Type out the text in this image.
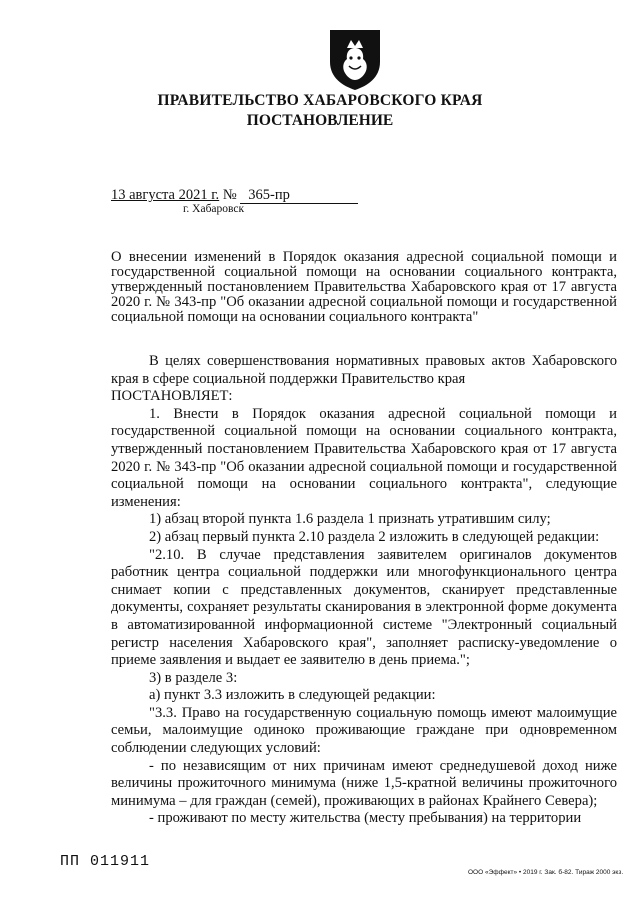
ПРАВИТЕЛЬСТВО ХАБАРОВСКОГО КРАЯ
ПОСТАНОВЛЕНИЕ
13 августа 2021 г. № 365-пр
г. Хабаровск

О внесении изменений в Порядок оказания адресной социальной помощи и государственной социальной помощи на основании социального контракта, утвержденный постановлением Правительства Хабаровского края от 17 августа 2020 г. № 343-пр "Об оказании адресной социальной помощи и государственной социальной помощи на основании социального контракта"

В целях совершенствования нормативных правовых актов Хабаровского края в сфере социальной поддержки Правительство края

ПОСТАНОВЛЯЕТ:

1. Внести в Порядок оказания адресной социальной помощи и государственной социальной помощи на основании социального контракта, утвержденный постановлением Правительства Хабаровского края от 17 августа 2020 г. № 343-пр "Об оказании адресной социальной помощи и государственной социальной помощи на основании социального контракта", следующие изменения:

1) абзац второй пункта 1.6 раздела 1 признать утратившим силу;

2) абзац первый пункта 2.10 раздела 2 изложить в следующей редакции:

"2.10. В случае представления заявителем оригиналов документов работник центра социальной поддержки или многофункционального центра снимает копии с представленных документов, сканирует представленные документы, сохраняет результаты сканирования в электронной форме документа в автоматизированной информационной системе "Электронный социальный регистр населения Хабаровского края", заполняет расписку-уведомление о приеме заявления и выдает ее заявителю в день приема.";

3) в разделе 3:

а) пункт 3.3 изложить в следующей редакции:

"3.3. Право на государственную социальную помощь имеют малоимущие семьи, малоимущие одиноко проживающие граждане при одновременном соблюдении следующих условий:

- по независящим от них причинам имеют среднедушевой доход ниже величины прожиточного минимума (ниже 1,5-кратной величины прожиточного минимума – для граждан (семей), проживающих в районах Крайнего Севера);

- проживают по месту жительства (месту пребывания) на территории

ПП 011911
ООО «Эффект» • 2019 г. Зак. б-82. Тираж 2000 экз.
